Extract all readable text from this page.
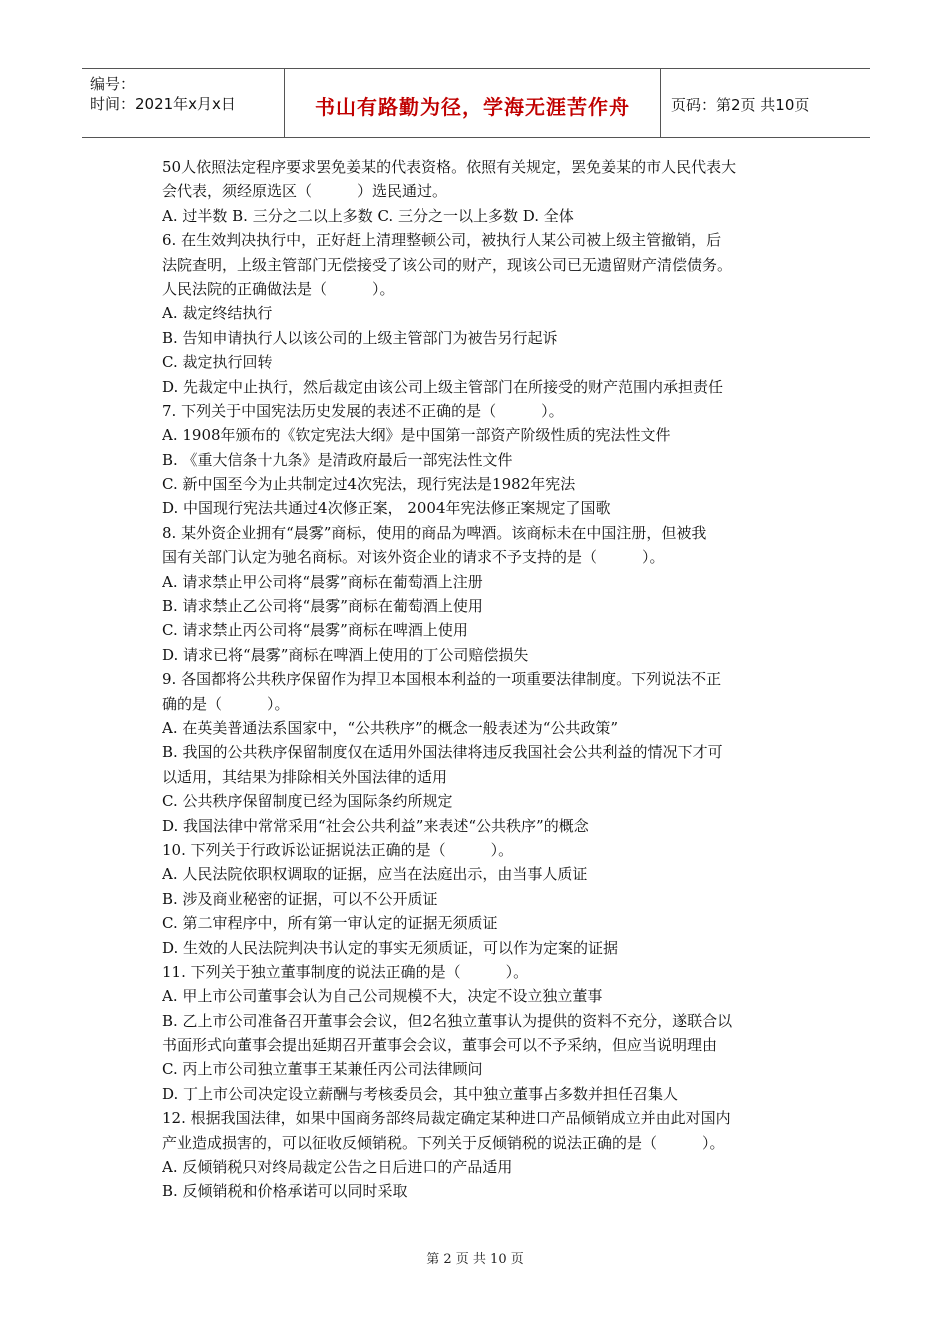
编号：
时间：2021年x月x日	书山有路勤为径，学海无涯苦作舟	页码：第2页 共10页
50人依照法定程序要求罢免姜某的代表资格。依照有关规定，罢免姜某的市人民代表大
会代表，须经原选区（　　　）选民通过。
A. 过半数 B. 三分之二以上多数 C. 三分之一以上多数 D. 全体
6. 在生效判决执行中，正好赶上清理整顿公司，被执行人某公司被上级主管撤销，后
法院查明，上级主管部门无偿接受了该公司的财产，现该公司已无遗留财产清偿债务。
人民法院的正确做法是（　　　）。
A. 裁定终结执行
B. 告知申请执行人以该公司的上级主管部门为被告另行起诉
C. 裁定执行回转
D. 先裁定中止执行，然后裁定由该公司上级主管部门在所接受的财产范围内承担责任
7. 下列关于中国宪法历史发展的表述不正确的是（　　　）。
A. 1908年颁布的《钦定宪法大纲》是中国第一部资产阶级性质的宪法性文件
B. 《重大信条十九条》是清政府最后一部宪法性文件
C. 新中国至今为止共制定过4次宪法，现行宪法是1982年宪法
D. 中国现行宪法共通过4次修正案， 2004年宪法修正案规定了国歌
8. 某外资企业拥有“晨雾”商标，使用的商品为啤酒。该商标未在中国注册，但被我
国有关部门认定为驰名商标。对该外资企业的请求不予支持的是（　　　）。
A. 请求禁止甲公司将“晨雾”商标在葡萄酒上注册
B. 请求禁止乙公司将“晨雾”商标在葡萄酒上使用
C. 请求禁止丙公司将“晨雾”商标在啤酒上使用
D. 请求已将“晨雾”商标在啤酒上使用的丁公司赔偿损失
9. 各国都将公共秩序保留作为捍卫本国根本利益的一项重要法律制度。下列说法不正
确的是（　　　）。
A. 在英美普通法系国家中，“公共秩序”的概念一般表述为“公共政策”
B. 我国的公共秩序保留制度仅在适用外国法律将违反我国社会公共利益的情况下才可
以适用，其结果为排除相关外国法律的适用
C. 公共秩序保留制度已经为国际条约所规定
D. 我国法律中常常采用“社会公共利益”来表述“公共秩序”的概念
10. 下列关于行政诉讼证据说法正确的是（　　　）。
A. 人民法院依职权调取的证据，应当在法庭出示，由当事人质证
B. 涉及商业秘密的证据，可以不公开质证
C. 第二审程序中，所有第一审认定的证据无须质证
D. 生效的人民法院判决书认定的事实无须质证，可以作为定案的证据
11. 下列关于独立董事制度的说法正确的是（　　　）。
A. 甲上市公司董事会认为自己公司规模不大，决定不设立独立董事
B. 乙上市公司准备召开董事会会议，但2名独立董事认为提供的资料不充分，遂联合以
书面形式向董事会提出延期召开董事会会议，董事会可以不予采纳，但应当说明理由
C. 丙上市公司独立董事王某兼任丙公司法律顾问
D. 丁上市公司决定设立薪酬与考核委员会，其中独立董事占多数并担任召集人
12. 根据我国法律，如果中国商务部终局裁定确定某种进口产品倾销成立并由此对国内
产业造成损害的，可以征收反倾销税。下列关于反倾销税的说法正确的是（　　　）。
A. 反倾销税只对终局裁定公告之日后进口的产品适用
B. 反倾销税和价格承诺可以同时采取
第 2 页 共 10 页
